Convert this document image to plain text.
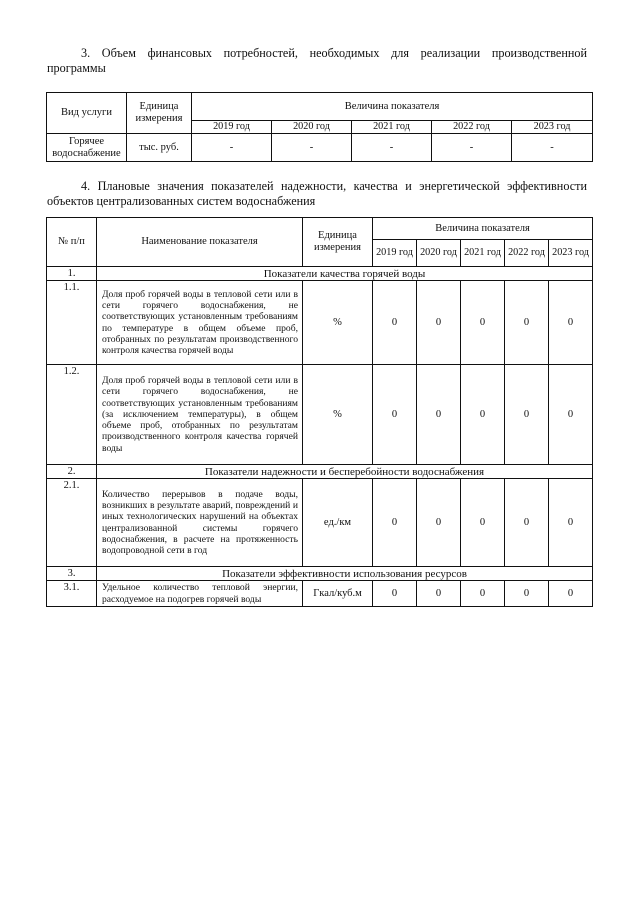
3. Объем финансовых потребностей, необходимых для реализации производственной программы
Вид услуги	Единица измерения	Величина показателя				
		2019 год	2020 год	2021 год	2022 год	2023 год
Горячее водоснабжение	тыс. руб.	-	-	-	-	-
4. Плановые значения показателей надежности, качества и энергетической эффективности объектов централизованных систем водоснабжения
№ п/п	Наименование показателя	Единица измерения	Величина показателя				
			2019 год	2020 год	2021 год	2022 год	2023 год
1.	Показатели качества горячей воды						
1.1.	Доля проб горячей воды в тепловой сети или в сети горячего водоснабжения, не соответствующих установленным требованиям по температуре в общем объеме проб, отобранных по результатам производственного контроля качества горячей воды	%	0	0	0	0	0
1.2.	Доля проб горячей воды в тепловой сети или в сети горячего водоснабжения, не соответствующих установленным требованиям (за исключением температуры), в общем объеме проб, отобранных по результатам производственного контроля качества горячей воды	%	0	0	0	0	0
2.	Показатели надежности и бесперебойности водоснабжения						
2.1.	Количество перерывов в подаче воды, возникших в результате аварий, повреждений и иных технологических нарушений на объектах централизованной системы горячего водоснабжения, в расчете на протяженность водопроводной сети в год	ед./км	0	0	0	0	0
3.	Показатели эффективности использования ресурсов						
3.1.	Удельное количество тепловой энергии, расходуемое на подогрев горячей воды	Гкал/куб.м	0	0	0	0	0
